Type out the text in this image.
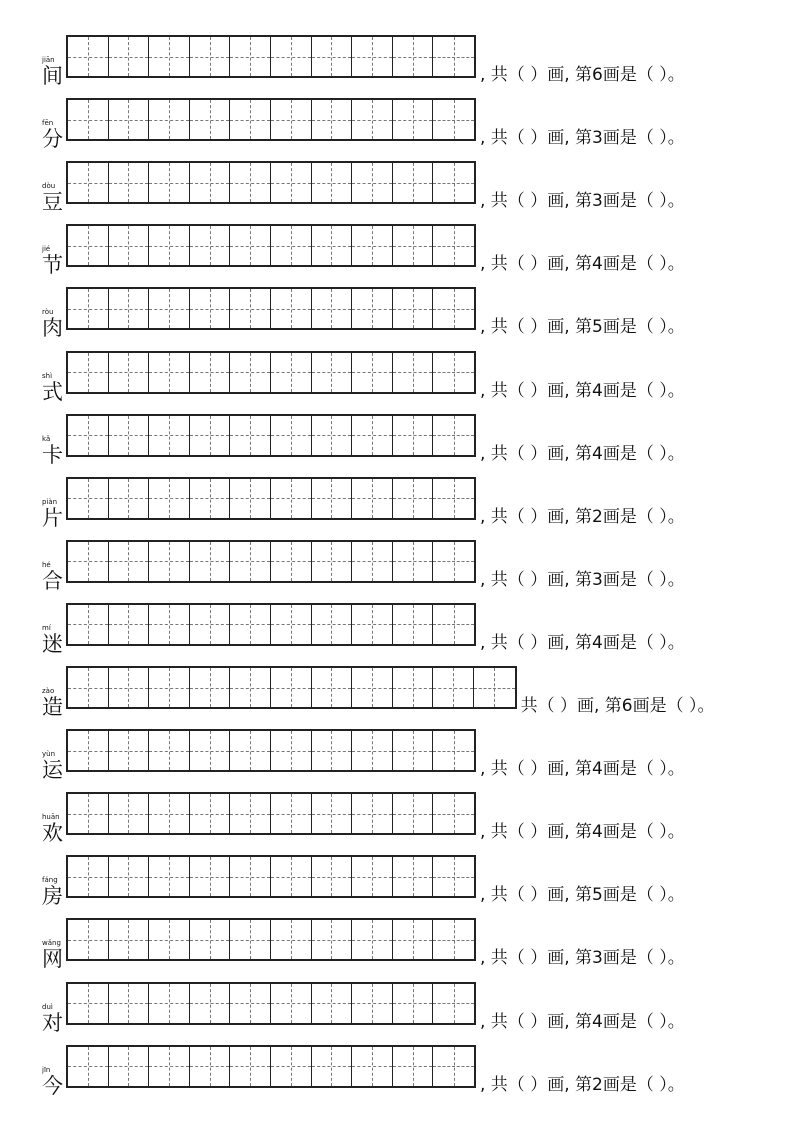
jiān
间	, 共（ ）画, 第6画是（ ）。
fēn
分	, 共（ ）画, 第3画是（ ）。
dòu
豆	, 共（ ）画, 第3画是（ ）。
jié
节	, 共（ ）画, 第4画是（ ）。
ròu
肉	, 共（ ）画, 第5画是（ ）。
shì
式	, 共（ ）画, 第4画是（ ）。
kǎ
卡	, 共（ ）画, 第4画是（ ）。
piàn
片	, 共（ ）画, 第2画是（ ）。
hé
合	, 共（ ）画, 第3画是（ ）。
mí
迷	, 共（ ）画, 第4画是（ ）。
zào
造	共（ ）画, 第6画是（ ）。
yùn
运	, 共（ ）画, 第4画是（ ）。
huān
欢	, 共（ ）画, 第4画是（ ）。
fáng
房	, 共（ ）画, 第5画是（ ）。
wǎng
网	, 共（ ）画, 第3画是（ ）。
duì
对	, 共（ ）画, 第4画是（ ）。
jīn
今	, 共（ ）画, 第2画是（ ）。
